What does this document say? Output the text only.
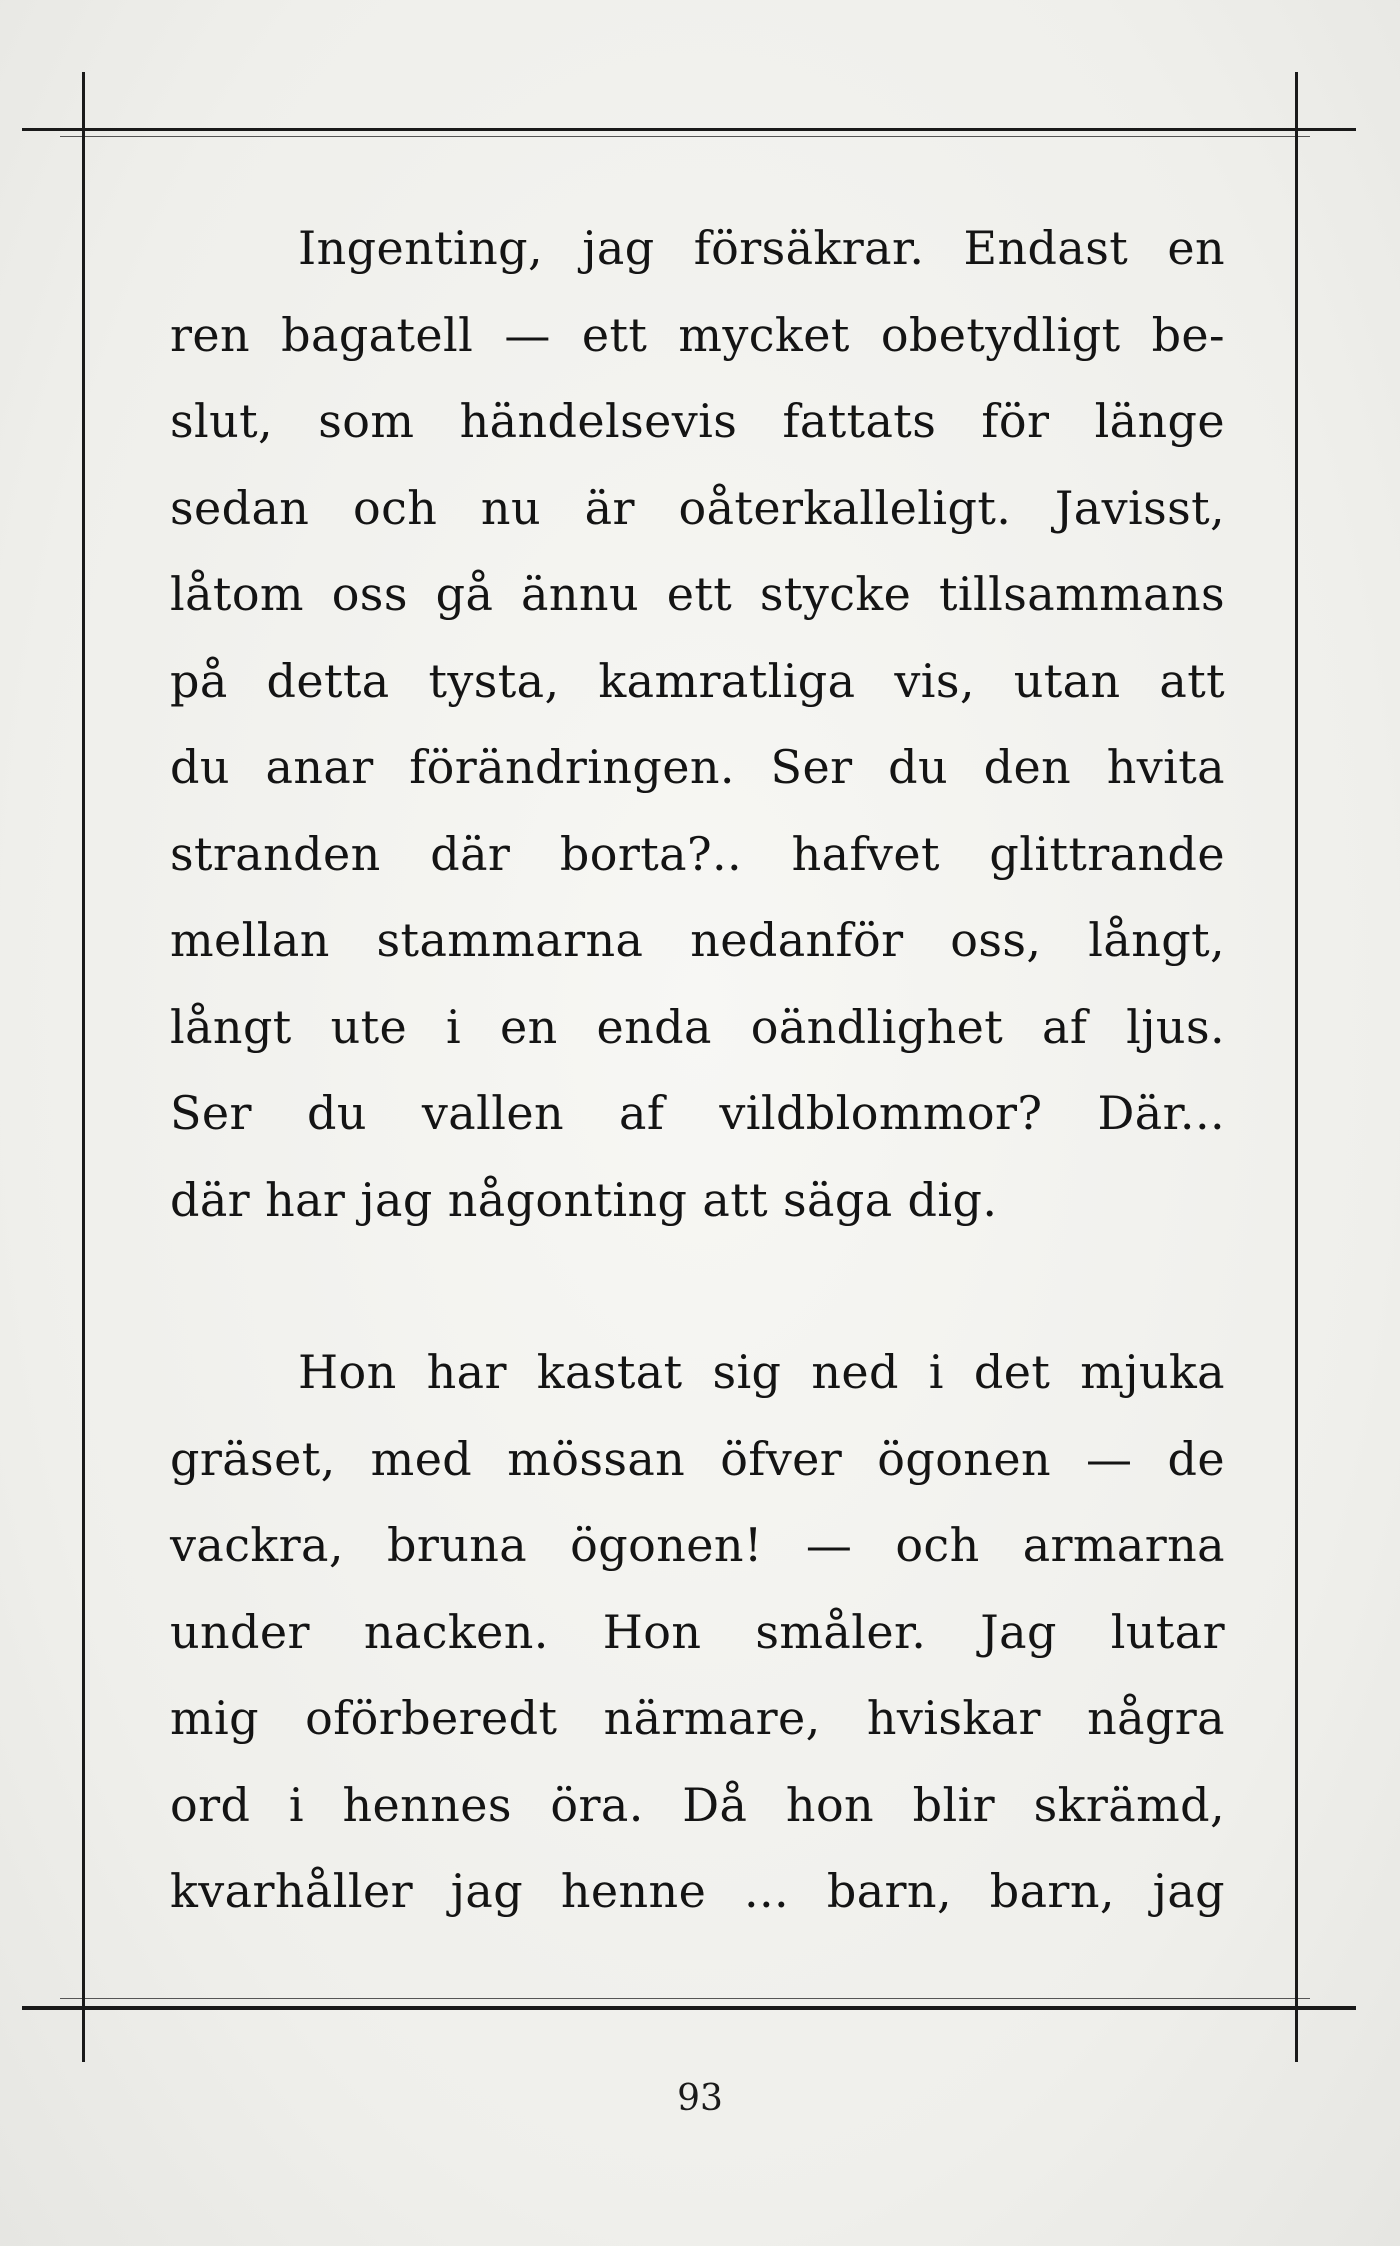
Ingenting, jag försäkrar. Endast en
ren bagatell — ett mycket obetydligt be-
slut, som händelsevis fattats för länge
sedan och nu är oåterkalleligt. Javisst,
låtom oss gå ännu ett stycke tillsammans
på detta tysta, kamratliga vis, utan att
du anar förändringen. Ser du den hvita
stranden där borta?.. hafvet glittrande
mellan stammarna nedanför oss, långt,
långt ute i en enda oändlighet af ljus.
Ser du vallen af vildblommor? Där...
där har jag någonting att säga dig.

Hon har kastat sig ned i det mjuka
gräset, med mössan öfver ögonen — de
vackra, bruna ögonen! — och armarna
under nacken. Hon småler. Jag lutar
mig oförberedt närmare, hviskar några
ord i hennes öra. Då hon blir skrämd,
kvarhåller jag henne ... barn, barn, jag

93
